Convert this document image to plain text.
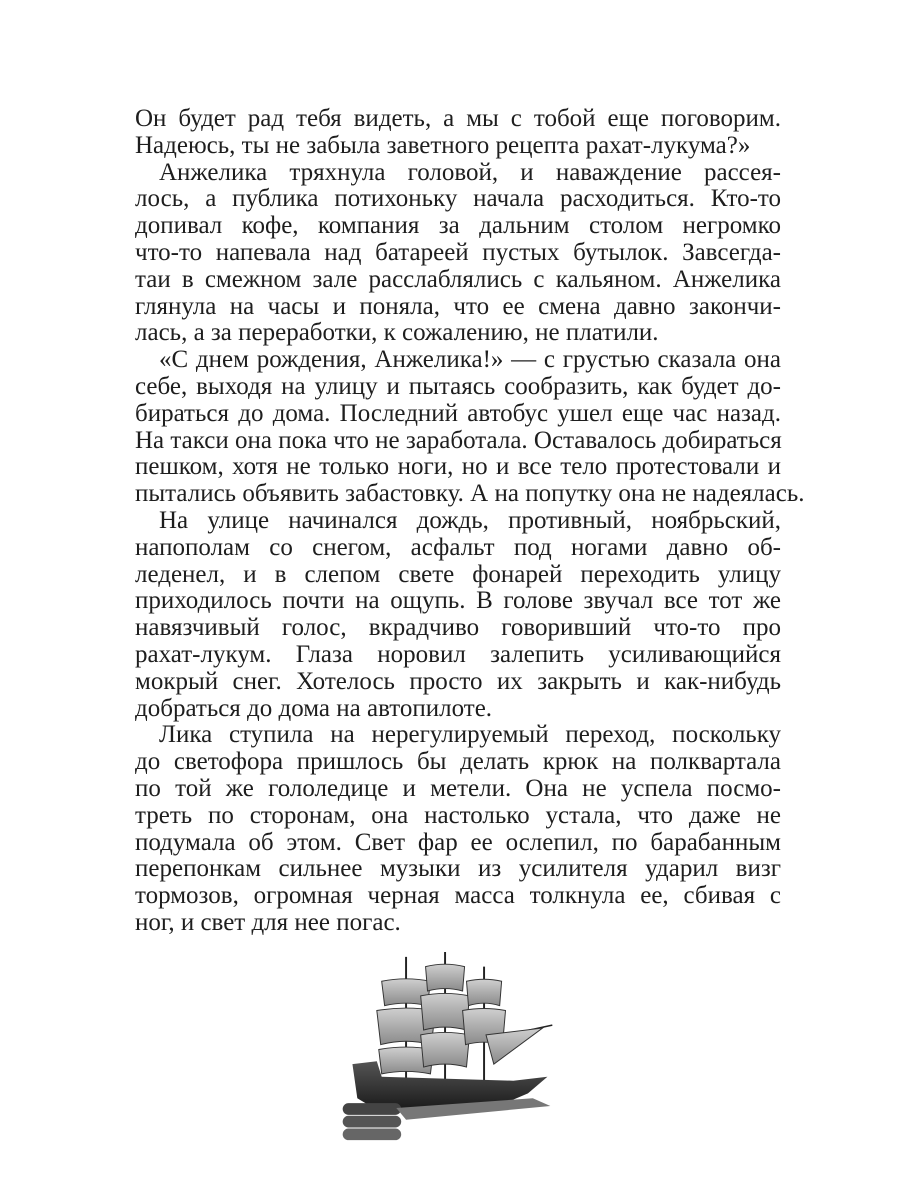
Он будет рад тебя видеть, а мы с тобой еще поговорим.
Надеюсь, ты не забыла заветного рецепта рахат-лукума?»
Анжелика тряхнула головой, и наваждение рассея-
лось, а публика потихоньку начала расходиться. Кто-то
допивал кофе, компания за дальним столом негромко
что-то напевала над батареей пустых бутылок. Завсегда-
таи в смежном зале расслаблялись с кальяном. Анжелика
глянула на часы и поняла, что ее смена давно закончи-
лась, а за переработки, к сожалению, не платили.
«С днем рождения, Анжелика!» — с грустью сказала она
себе, выходя на улицу и пытаясь сообразить, как будет до-
бираться до дома. Последний автобус ушел еще час назад.
На такси она пока что не заработала. Оставалось добираться
пешком, хотя не только ноги, но и все тело протестовали и
пытались объявить забастовку. А на попутку она не надеялась.
На улице начинался дождь, противный, ноябрьский,
напополам со снегом, асфальт под ногами давно об-
леденел, и в слепом свете фонарей переходить улицу
приходилось почти на ощупь. В голове звучал все тот же
навязчивый голос, вкрадчиво говоривший что-то про
рахат-лукум. Глаза норовил залепить усиливающийся
мокрый снег. Хотелось просто их закрыть и как-нибудь
добраться до дома на автопилоте.
Лика ступила на нерегулируемый переход, поскольку
до светофора пришлось бы делать крюк на полквартала
по той же гололедице и метели. Она не успела посмо-
треть по сторонам, она настолько устала, что даже не
подумала об этом. Свет фар ее ослепил, по барабанным
перепонкам сильнее музыки из усилителя ударил визг
тормозов, огромная черная масса толкнула ее, сбивая с
ног, и свет для нее погас.
